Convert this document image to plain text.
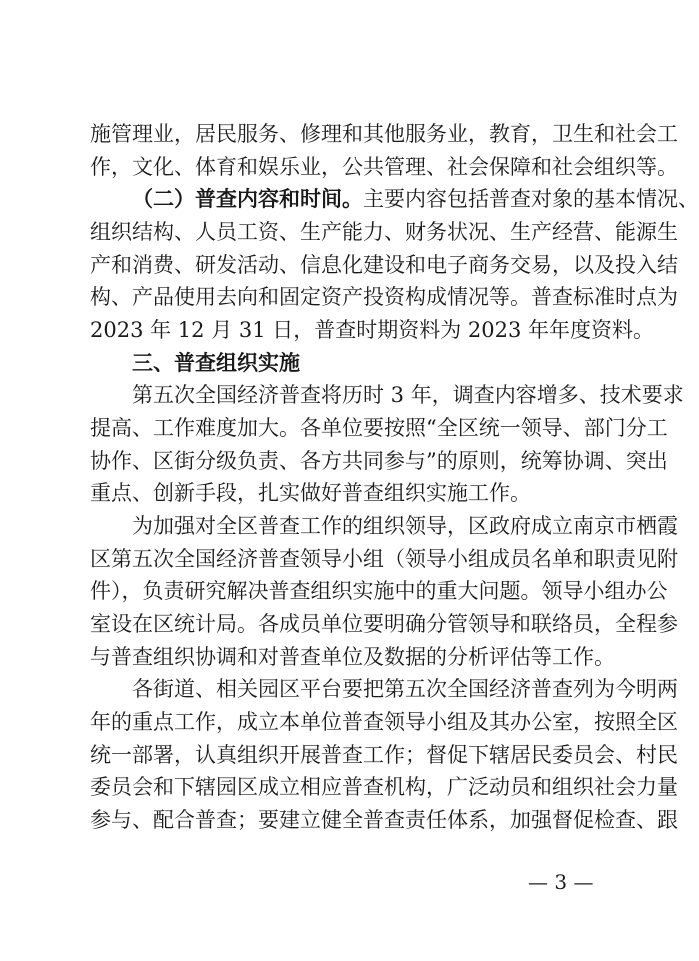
施管理业，居民服务、修理和其他服务业，教育，卫生和社会工
作，文化、体育和娱乐业，公共管理、社会保障和社会组织等。
（二）普查内容和时间。主要内容包括普查对象的基本情况、
组织结构、人员工资、生产能力、财务状况、生产经营、能源生
产和消费、研发活动、信息化建设和电子商务交易，以及投入结
构、产品使用去向和固定资产投资构成情况等。普查标准时点为
2023 年 12 月 31 日，普查时期资料为 2023 年年度资料。
三、普查组织实施
第五次全国经济普查将历时 3 年，调查内容增多、技术要求
提高、工作难度加大。各单位要按照“全区统一领导、部门分工
协作、区街分级负责、各方共同参与”的原则，统筹协调、突出
重点、创新手段，扎实做好普查组织实施工作。
为加强对全区普查工作的组织领导，区政府成立南京市栖霞
区第五次全国经济普查领导小组（领导小组成员名单和职责见附
件），负责研究解决普查组织实施中的重大问题。领导小组办公
室设在区统计局。各成员单位要明确分管领导和联络员，全程参
与普查组织协调和对普查单位及数据的分析评估等工作。
各街道、相关园区平台要把第五次全国经济普查列为今明两
年的重点工作，成立本单位普查领导小组及其办公室，按照全区
统一部署，认真组织开展普查工作；督促下辖居民委员会、村民
委员会和下辖园区成立相应普查机构，广泛动员和组织社会力量
— 3 —
参与、配合普查；要建立健全普查责任体系，加强督促检查、跟
